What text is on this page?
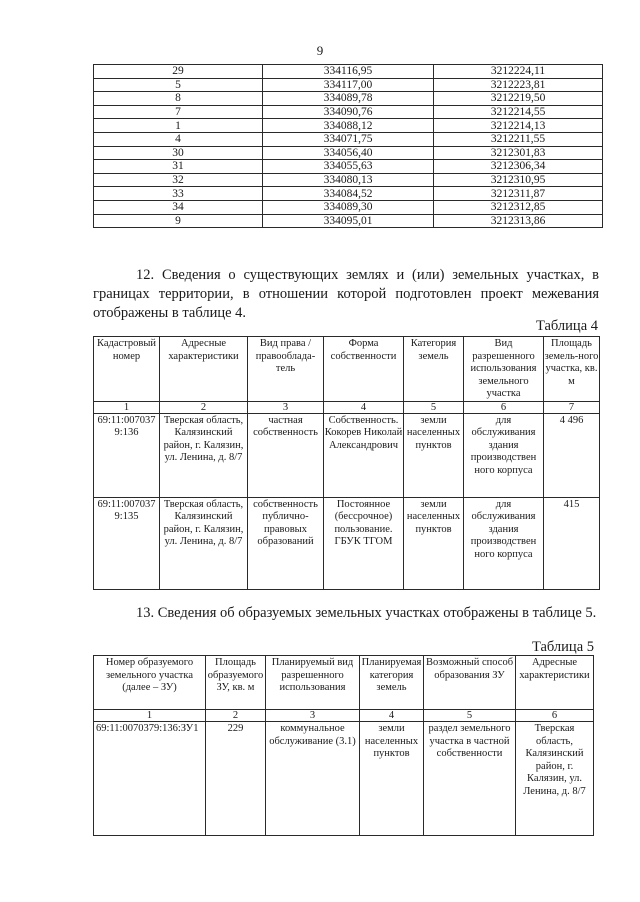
9
29	334116,95	3212224,11
5	334117,00	3212223,81
8	334089,78	3212219,50
7	334090,76	3212214,55
1	334088,12	3212214,13
4	334071,75	3212211,55
30	334056,40	3212301,83
31	334055,63	3212306,34
32	334080,13	3212310,95
33	334084,52	3212311,87
34	334089,30	3212312,85
9	334095,01	3212313,86
12. Сведения о существующих землях и (или) земельных участках, в границах территории, в отношении которой подготовлен проект межевания отображены в таблице 4.
Таблица 4
Кадастровый номер	Адресные характеристики	Вид права / правооблада-тель	Форма собственности	Категория земель	Вид разрешенного использования земельного участка	Площадь земель-ного участка, кв. м
1	2	3	4	5	6	7
69:11:007037 9:136	Тверская область, Калязинский район, г. Калязин, ул. Ленина, д. 8/7	частная собственность	Собственность. Кокорев Николай Александрович	земли населенных пунктов	для обслуживания здания производствен ного корпуса	4 496
69:11:007037 9:135	Тверская область, Калязинский район, г. Калязин, ул. Ленина, д. 8/7	собственность публично-правовых образований	Постоянное (бессрочное) пользование. ГБУК ТГОМ	земли населенных пунктов	для обслуживания здания производствен ного корпуса	415
13. Сведения об образуемых земельных участках отображены в таблице 5.
Таблица 5
Номер образуемого земельного участка (далее – ЗУ)	Площадь образуемого ЗУ, кв. м	Планируемый вид разрешенного использования	Планируемая категория земель	Возможный способ образования ЗУ	Адресные характеристики
1	2	3	4	5	6
69:11:0070379:136:ЗУ1	229	коммунальное обслуживание (3.1)	земли населенных пунктов	раздел земельного участка в частной собственности	Тверская область, Калязинский район, г. Калязин, ул. Ленина, д. 8/7
